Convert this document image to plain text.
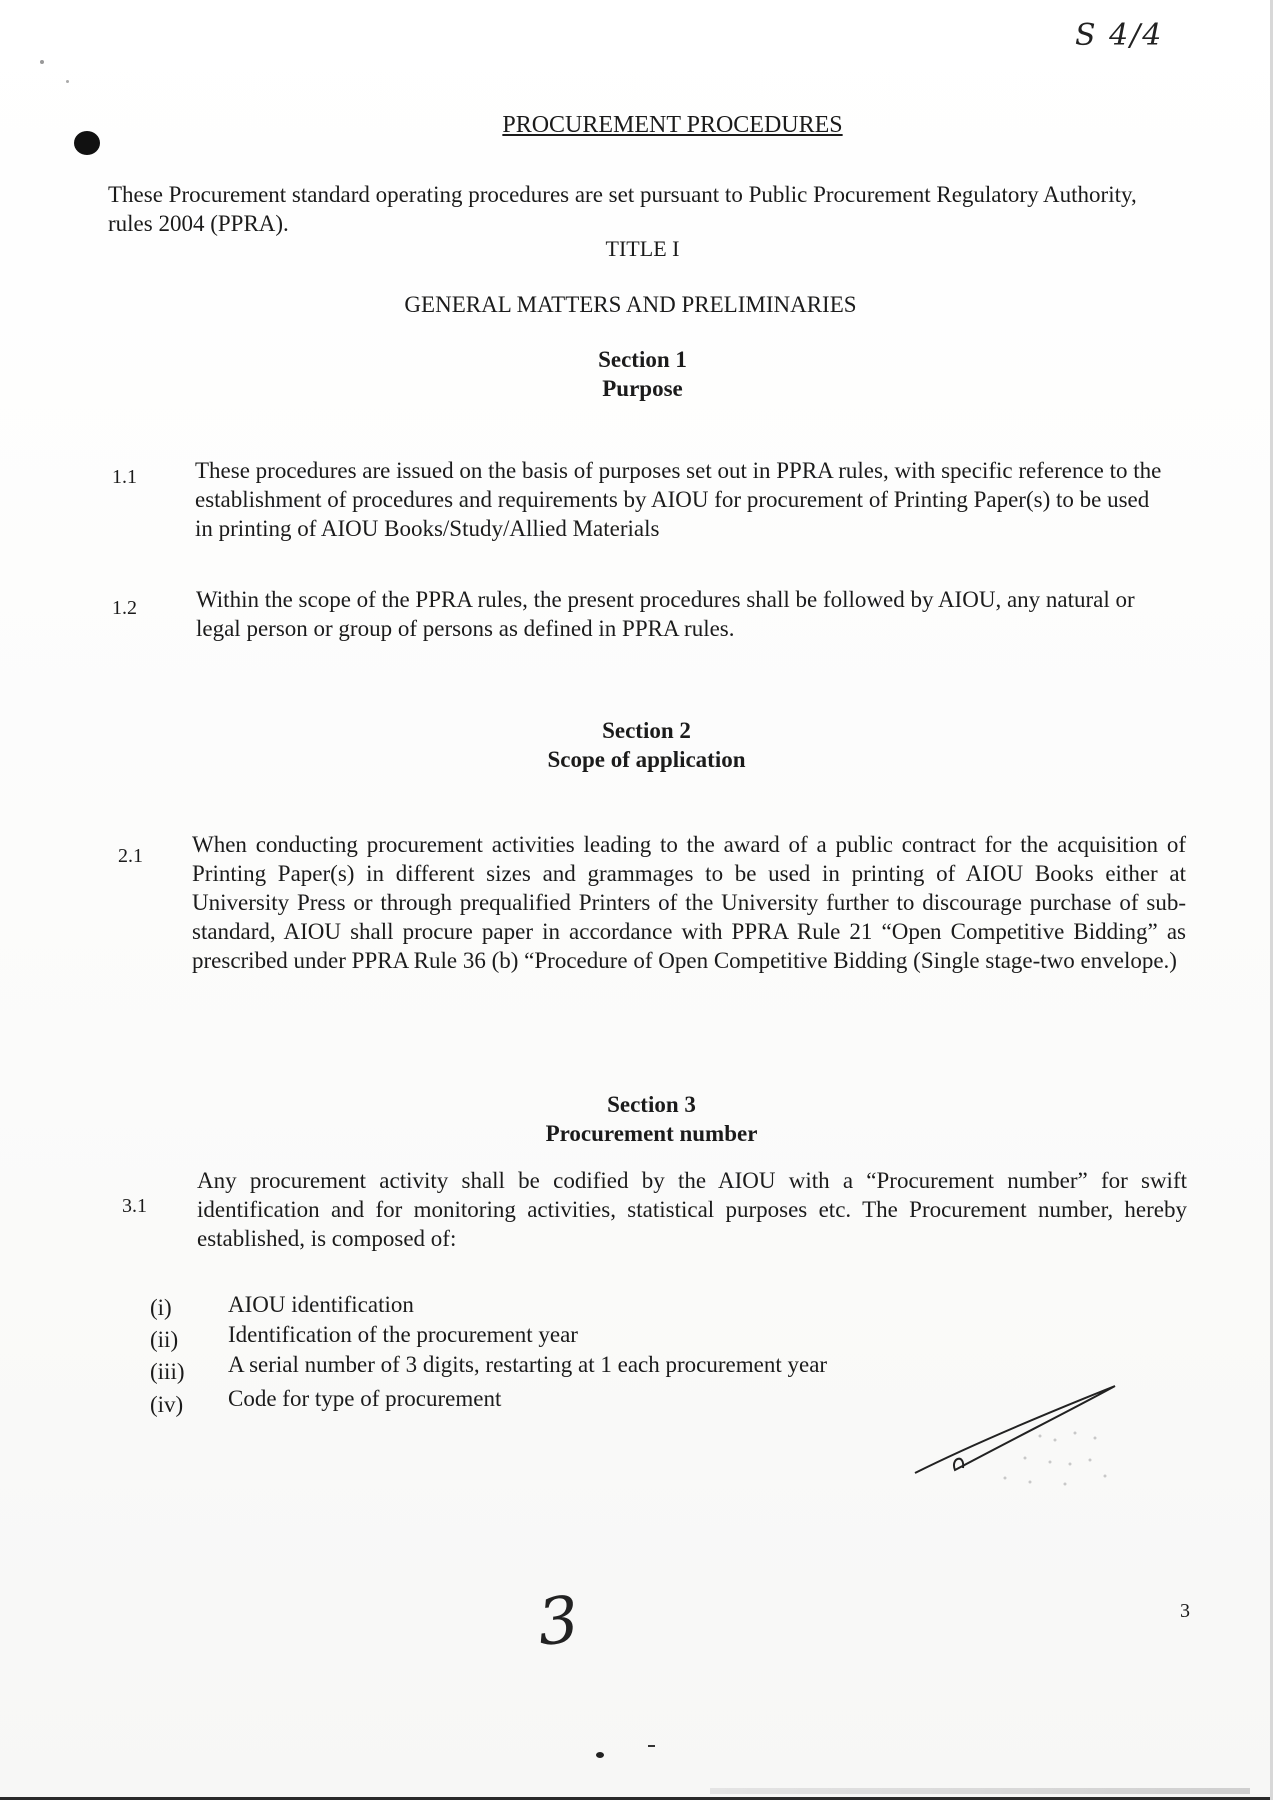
S 4/4
PROCUREMENT PROCEDURES
These Procurement standard operating procedures are set pursuant to Public Procurement Regulatory Authority, rules 2004 (PPRA).
TITLE I
GENERAL MATTERS AND PRELIMINARIES
Section 1
Purpose
1.1	These procedures are issued on the basis of purposes set out in PPRA rules, with specific reference to the establishment of procedures and requirements by AIOU for procurement of Printing Paper(s) to be used in printing of AIOU Books/Study/Allied Materials
1.2	Within the scope of the PPRA rules, the present procedures shall be followed by AIOU, any natural or legal person or group of persons as defined in PPRA rules.
Section 2
Scope of application
2.1 When conducting procurement activities leading to the award of a public contract for the acquisition of Printing Paper(s) in different sizes and grammages to be used in printing of AIOU Books either at University Press or through prequalified Printers of the University further to discourage purchase of sub-standard, AIOU shall procure paper in accordance with PPRA Rule 21 “Open Competitive Bidding” as prescribed under PPRA Rule 36 (b) “Procedure of Open Competitive Bidding (Single stage-two envelope.)
Section 3
Procurement number
3.1
Any procurement activity shall be codified by the AIOU with a “Procurement number” for swift identification and for monitoring activities, statistical purposes etc. The Procurement number, hereby established, is composed of:
(i) AIOU identification
(ii) Identification of the procurement year
(iii) A serial number of 3 digits, restarting at 1 each procurement year
(iv) Code for type of procurement
3	3
